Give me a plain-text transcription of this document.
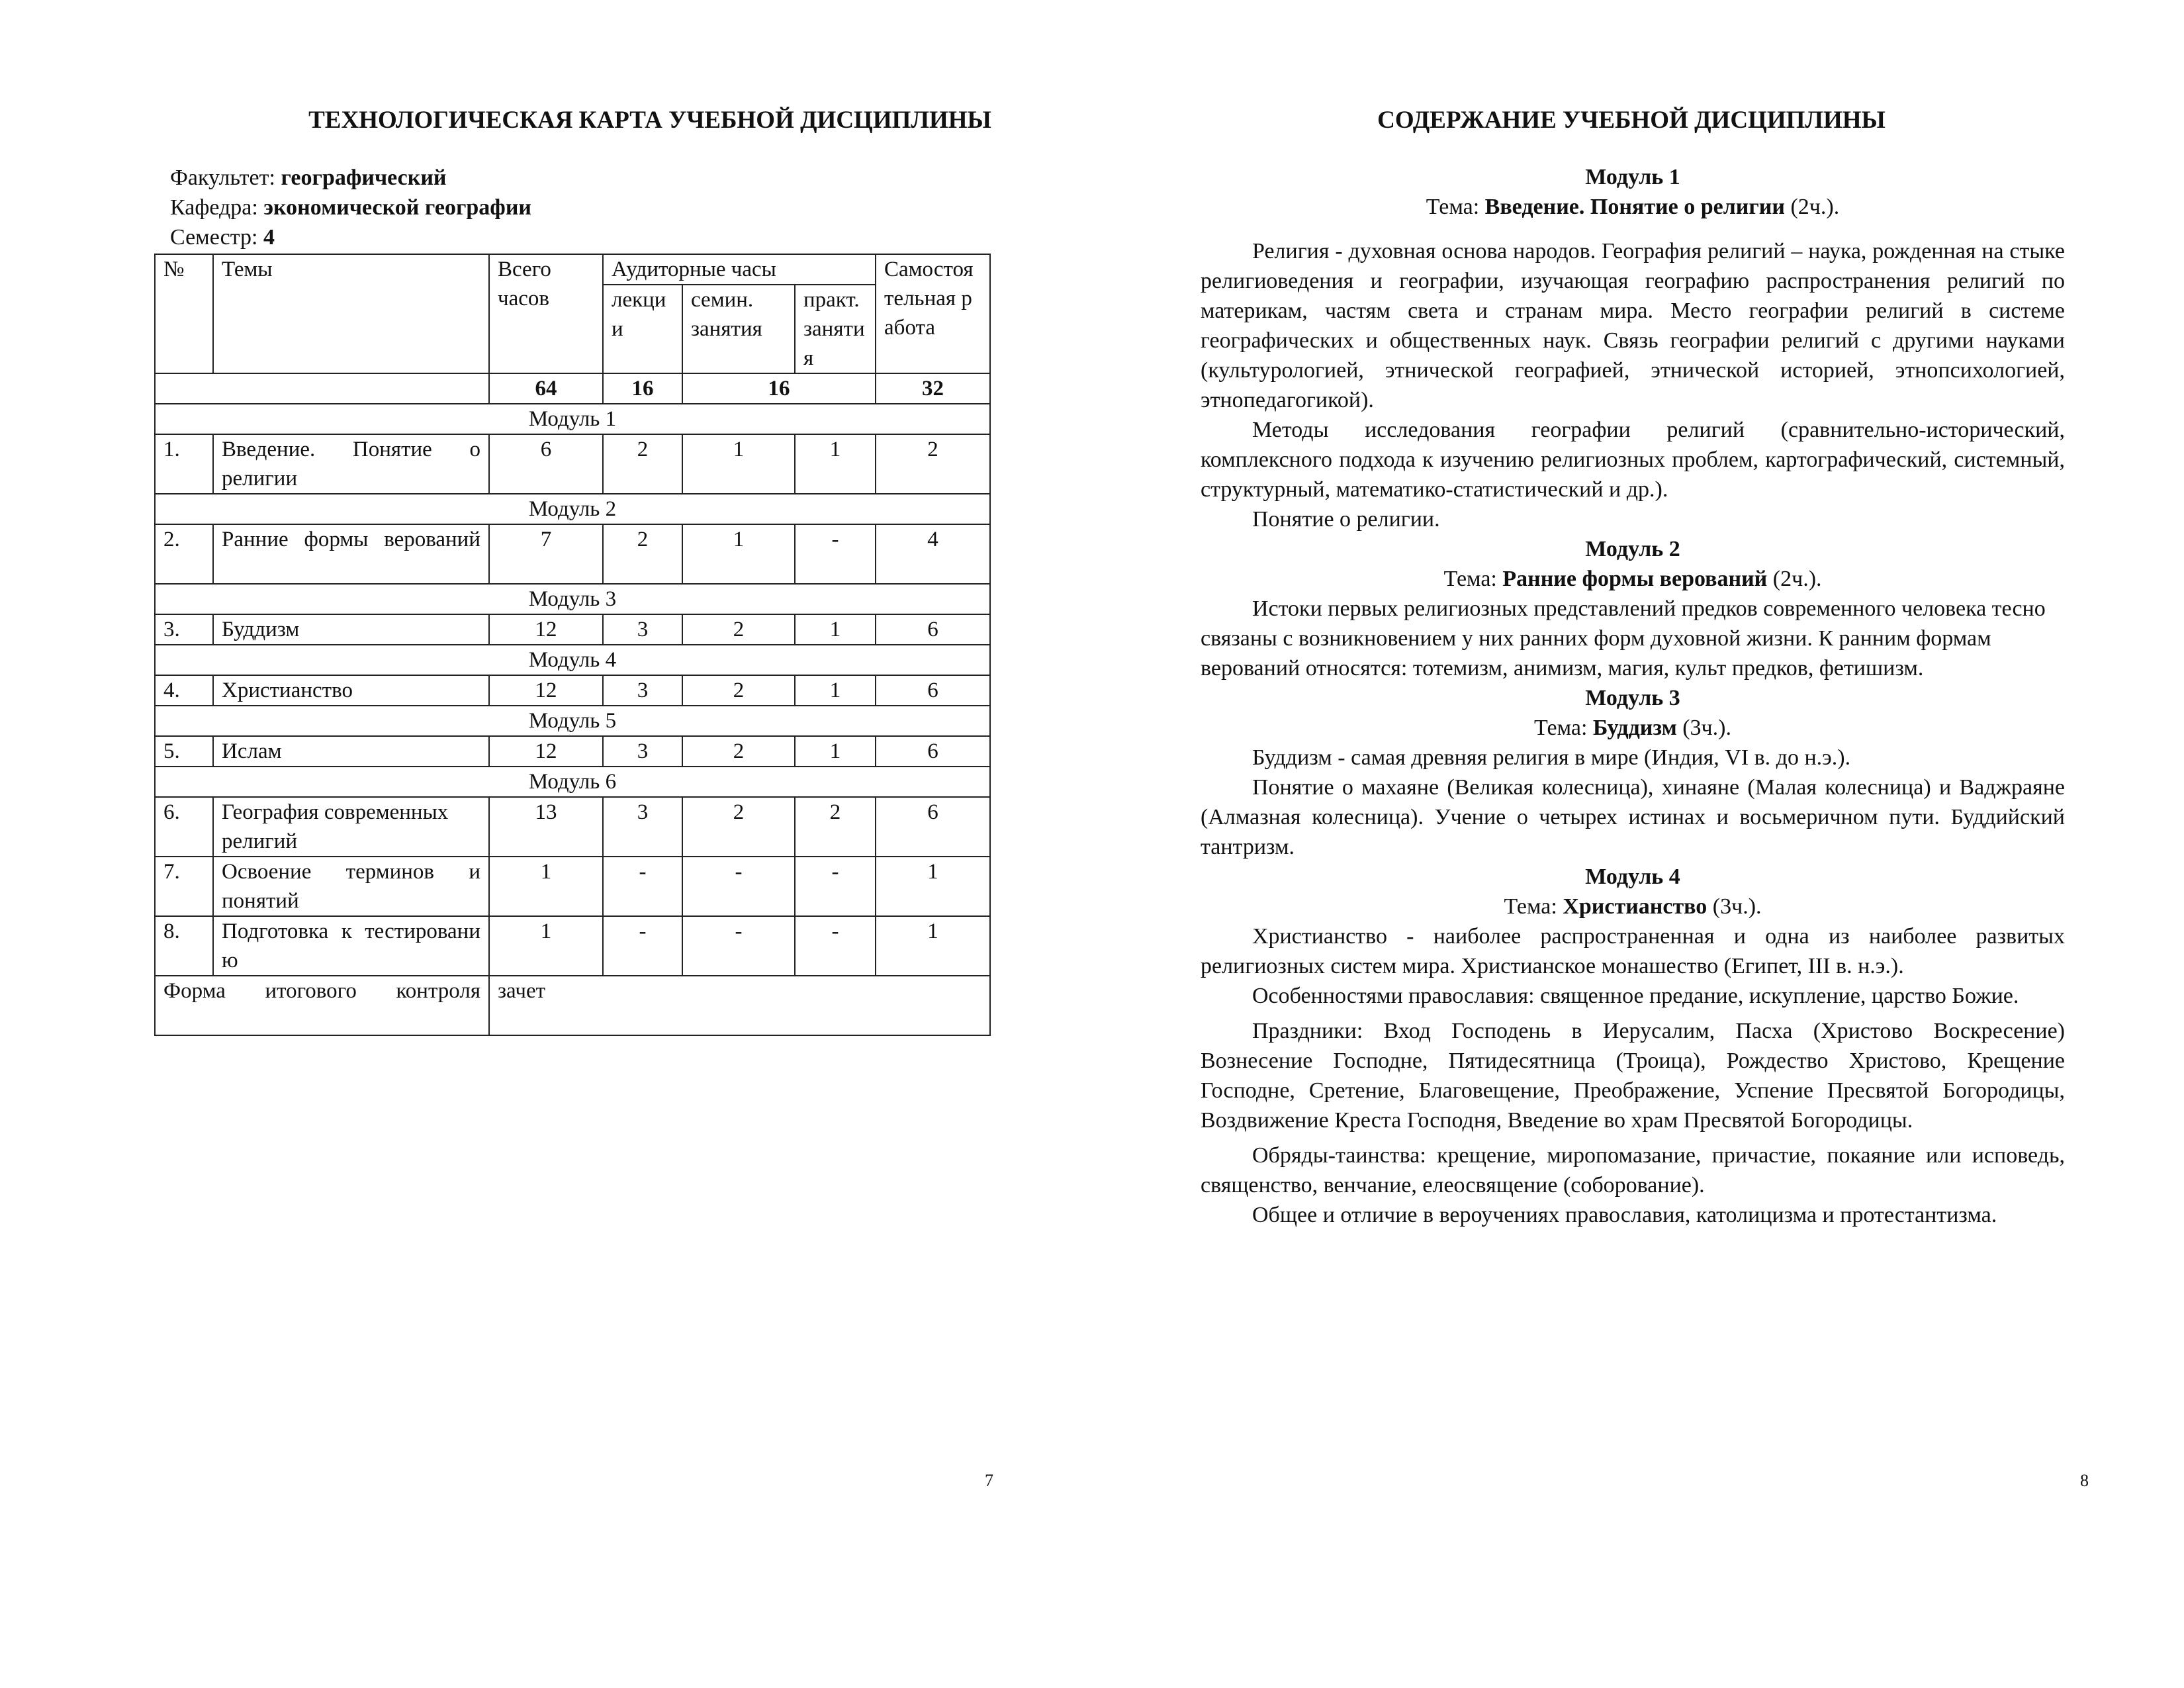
ТЕХНОЛОГИЧЕСКАЯ КАРТА УЧЕБНОЙ ДИСЦИПЛИНЫ
Факультет: географический
Кафедра: экономической географии
Семестр: 4
№	Темы	Всего часов	Аудиторные часы			Самостоятельная работа
			лекции	семин. занятия	практ. занятия	
		64	16	16		32
Модуль 1						
1.	Введение. Понятие о религии	6	2	1	1	2
Модуль 2						
2.	Ранние формы верований	7	2	1	-	4
Модуль 3						
3.	Буддизм	12	3	2	1	6
Модуль 4						
4.	Христианство	12	3	2	1	6
Модуль 5						
5.	Ислам	12	3	2	1	6
Модуль 6						
6.	География современных религий	13	3	2	2	6
7.	Освоение терминов и понятий	1	-	-	-	1
8.	Подготовка к тестированию	1	-	-	-	1
Форма итогового контроля		зачет				
7
СОДЕРЖАНИЕ УЧЕБНОЙ ДИСЦИПЛИНЫ
Модуль 1
Тема: Введение. Понятие о религии (2ч.).

Религия - духовная основа народов. География религий – наука, рожденная на стыке религиоведения и географии, изучающая географию распространения религий по материкам, частям света и странам мира. Место географии религий в системе географических и общественных наук. Связь географии религий с другими науками (культурологией, этнической географией, этнической историей, этнопсихологией, этнопедагогикой).

Методы исследования географии религий (сравнительно-исторический, комплексного подхода к изучению религиозных проблем, картографический, системный, структурный, математико-статистический и др.).

Понятие о религии.

Модуль 2
Тема: Ранние формы верований (2ч.).

Истоки первых религиозных представлений предков современного человека тесно связаны с возникновением у них ранних форм духовной жизни. К ранним формам верований относятся: тотемизм, анимизм, магия, культ предков, фетишизм.

Модуль 3
Тема: Буддизм (3ч.).

Буддизм - самая древняя религия в мире (Индия, VI в. до н.э.).

Понятие о махаяне (Великая колесница), хинаяне (Малая колесница) и Ваджраяне (Алмазная колесница). Учение о четырех истинах и восьмеричном пути. Буддийский тантризм.

Модуль 4
Тема: Христианство (3ч.).

Христианство - наиболее распространенная и одна из наиболее развитых религиозных систем мира. Христианское монашество (Египет, III в. н.э.).

Особенностями православия: священное предание, искупление, царство Божие.

Праздники: Вход Господень в Иерусалим, Пасха (Христово Воскресение) Вознесение Господне, Пятидесятница (Троица), Рождество Христово, Крещение Господне, Сретение, Благовещение, Преображение, Успение Пресвятой Богородицы, Воздвижение Креста Господня, Введение во храм Пресвятой Богородицы.

Обряды-таинства: крещение, миропомазание, причастие, покаяние или исповедь, священство, венчание, елеосвящение (соборование).

Общее и отличие в вероучениях православия, католицизма и протестантизма.

8
